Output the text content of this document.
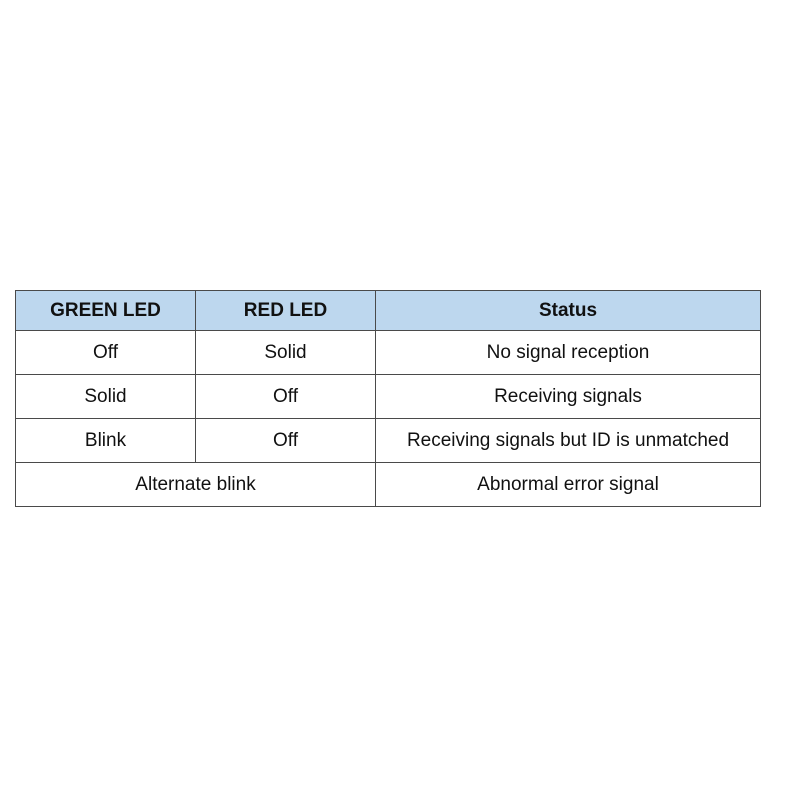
GREEN LED	RED LED	Status
Off	Solid	No signal reception
Solid	Off	Receiving signals
Blink	Off	Receiving signals but ID is unmatched
Alternate blink		Abnormal error signal
